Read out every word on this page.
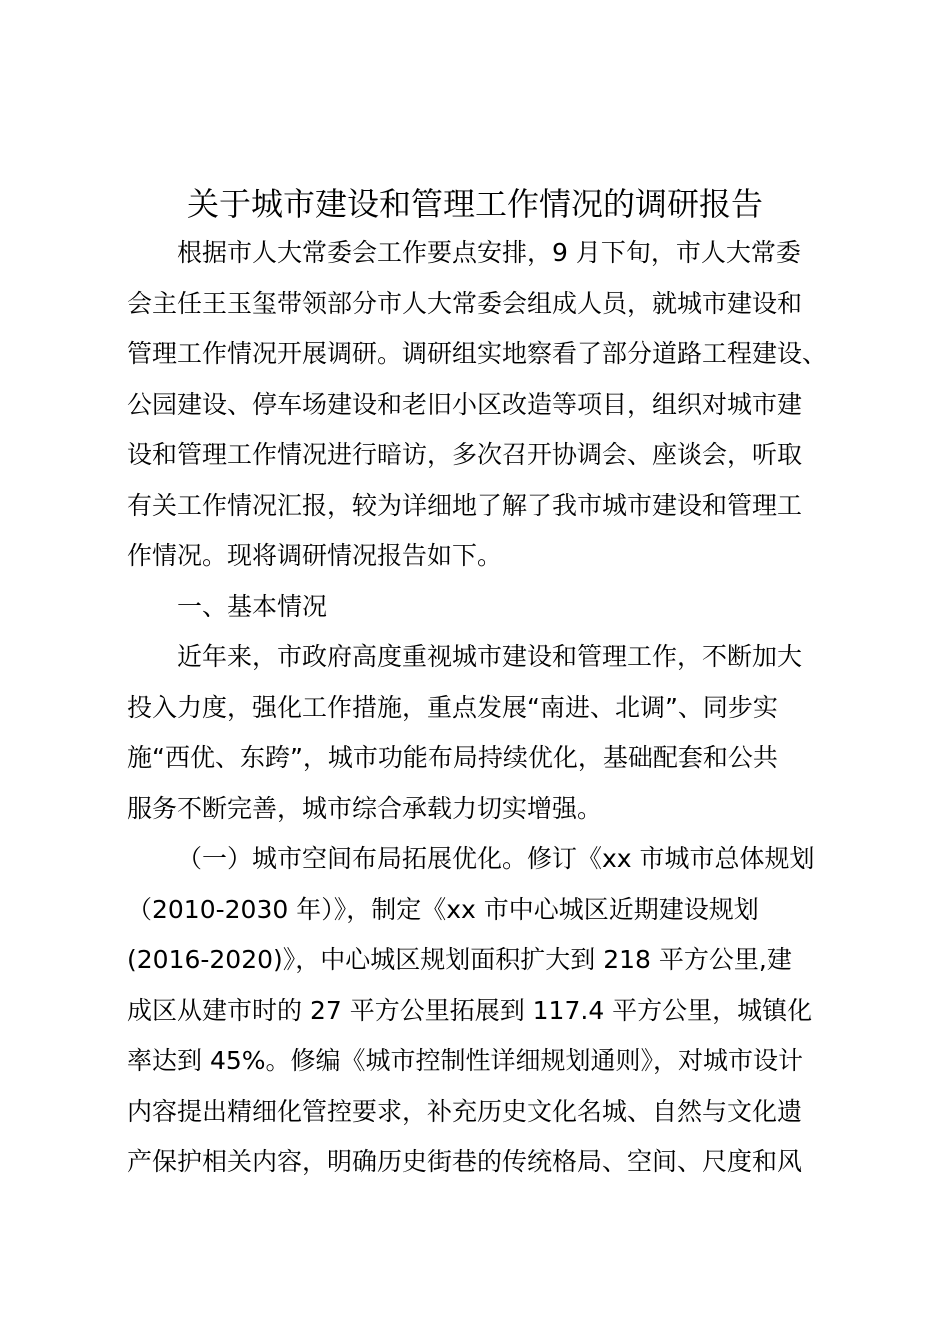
关于城市建设和管理工作情况的调研报告
根据市人大常委会工作要点安排，9 月下旬，市人大常委
会主任王玉玺带领部分市人大常委会组成人员，就城市建设和
管理工作情况开展调研。调研组实地察看了部分道路工程建设、
公园建设、停车场建设和老旧小区改造等项目，组织对城市建
设和管理工作情况进行暗访，多次召开协调会、座谈会，听取
有关工作情况汇报，较为详细地了解了我市城市建设和管理工
作情况。现将调研情况报告如下。
一、基本情况
近年来，市政府高度重视城市建设和管理工作，不断加大
投入力度，强化工作措施，重点发展“南进、北调”、同步实
施“西优、东跨”，城市功能布局持续优化，基础配套和公共
服务不断完善，城市综合承载力切实增强。
（一）城市空间布局拓展优化。修订《xx 市城市总体规划
（2010-2030 年）》，制定《xx 市中心城区近期建设规划
(2016-2020)》，中心城区规划面积扩大到 218 平方公里,建
成区从建市时的 27 平方公里拓展到 117.4 平方公里，城镇化
率达到 45%。修编《城市控制性详细规划通则》，对城市设计
内容提出精细化管控要求，补充历史文化名城、自然与文化遗
产保护相关内容，明确历史街巷的传统格局、空间、尺度和风
